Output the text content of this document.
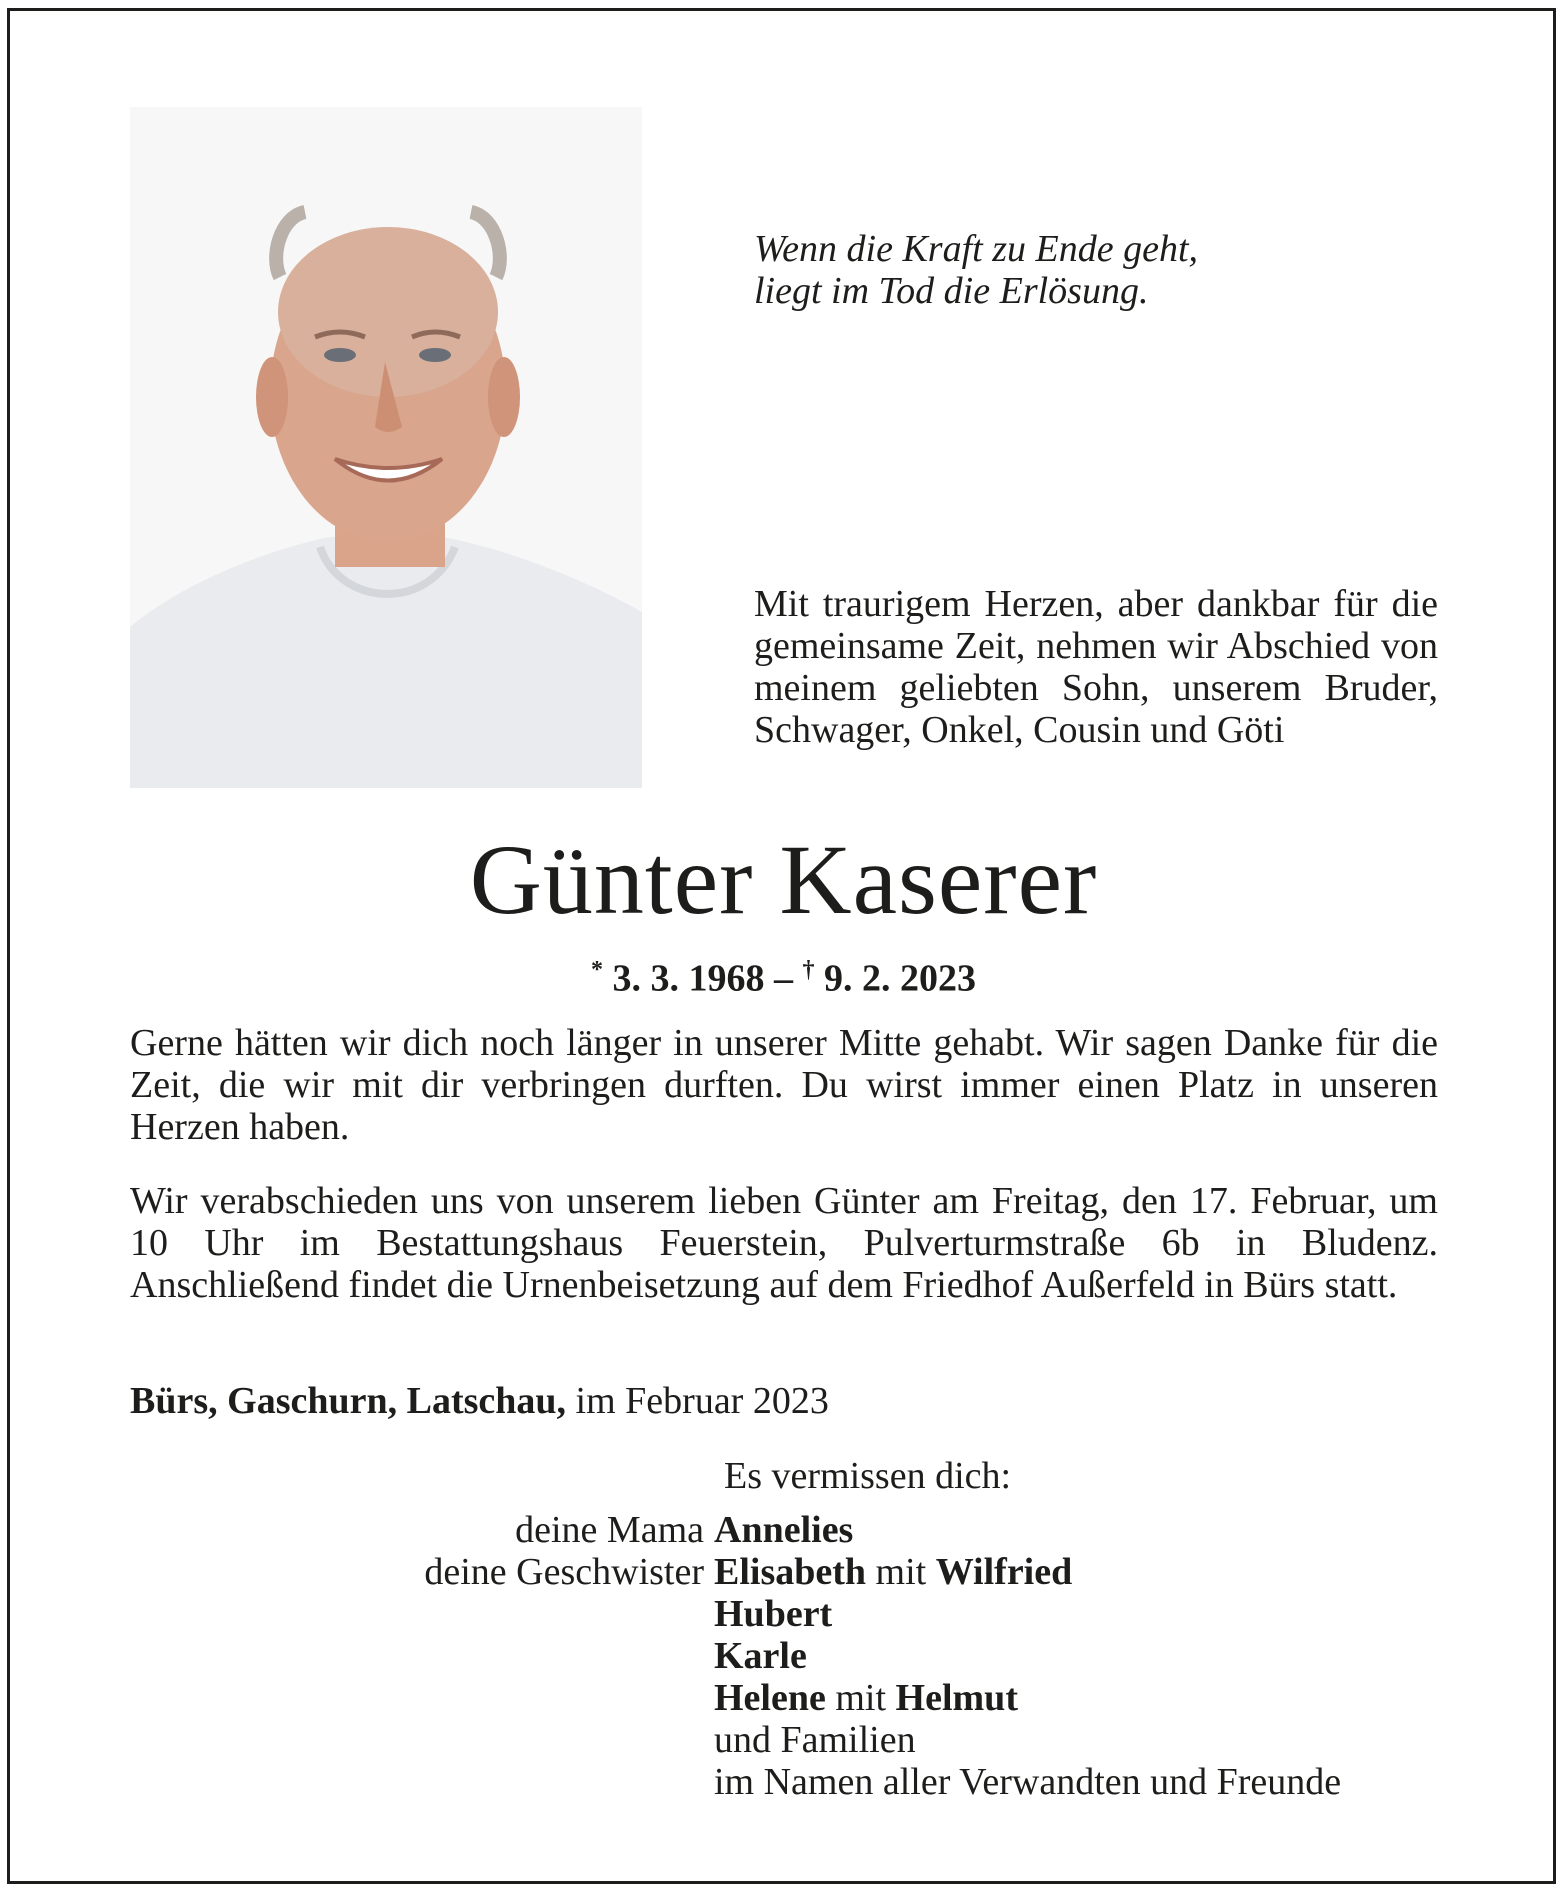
Wenn die Kraft zu Ende geht,
liegt im Tod die Erlösung.

Mit traurigem Herzen, aber dankbar für die gemeinsame Zeit, nehmen wir Abschied von meinem geliebten Sohn, unserem Bruder, Schwager, Onkel, Cousin und Göti

Günter Kaserer
* 3. 3. 1968 – † 9. 2. 2023

Gerne hätten wir dich noch länger in unserer Mitte gehabt. Wir sagen Danke für die Zeit, die wir mit dir verbringen durften. Du wirst immer einen Platz in unseren Herzen haben.

Wir verabschieden uns von unserem lieben Günter am Freitag, den 17. Februar, um 10 Uhr im Bestattungshaus Feuerstein, Pulverturmstraße 6b in Bludenz. Anschließend findet die Urnenbeisetzung auf dem Friedhof Außerfeld in Bürs statt.

Bürs, Gaschurn, Latschau, im Februar 2023
Es vermissen dich:
deine Mama Annelies
deine Geschwister Elisabeth mit Wilfried
Hubert
Karle
Helene mit Helmut
und Familien
im Namen aller Verwandten und Freunde
